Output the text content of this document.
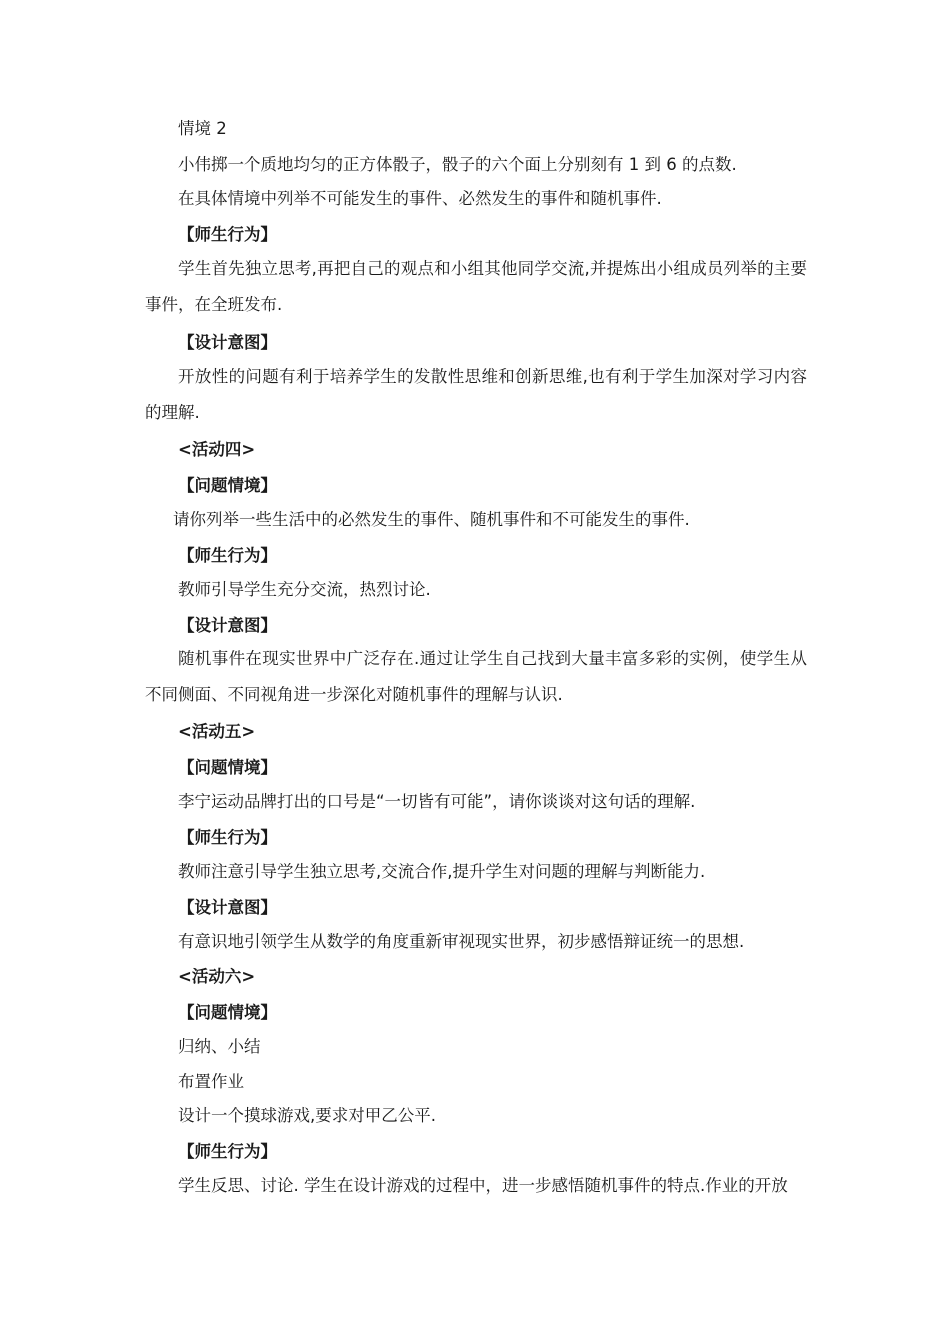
情境 2
小伟掷一个质地均匀的正方体骰子，骰子的六个面上分别刻有 1 到 6 的点数.
在具体情境中列举不可能发生的事件、必然发生的事件和随机事件.
【师生行为】
学生首先独立思考,再把自己的观点和小组其他同学交流,并提炼出小组成员列举的主要事件，在全班发布.
【设计意图】
开放性的问题有利于培养学生的发散性思维和创新思维,也有利于学生加深对学习内容的理解.
<活动四>
【问题情境】
请你列举一些生活中的必然发生的事件、随机事件和不可能发生的事件.
【师生行为】
教师引导学生充分交流，热烈讨论.
【设计意图】
随机事件在现实世界中广泛存在.通过让学生自己找到大量丰富多彩的实例，使学生从不同侧面、不同视角进一步深化对随机事件的理解与认识.
<活动五>
【问题情境】
李宁运动品牌打出的口号是“一切皆有可能”，请你谈谈对这句话的理解.
【师生行为】
教师注意引导学生独立思考,交流合作,提升学生对问题的理解与判断能力.
【设计意图】
有意识地引领学生从数学的角度重新审视现实世界，初步感悟辩证统一的思想.
<活动六>
【问题情境】
归纳、小结
布置作业
设计一个摸球游戏,要求对甲乙公平.
【师生行为】
学生反思、讨论. 学生在设计游戏的过程中，进一步感悟随机事件的特点.作业的开放
